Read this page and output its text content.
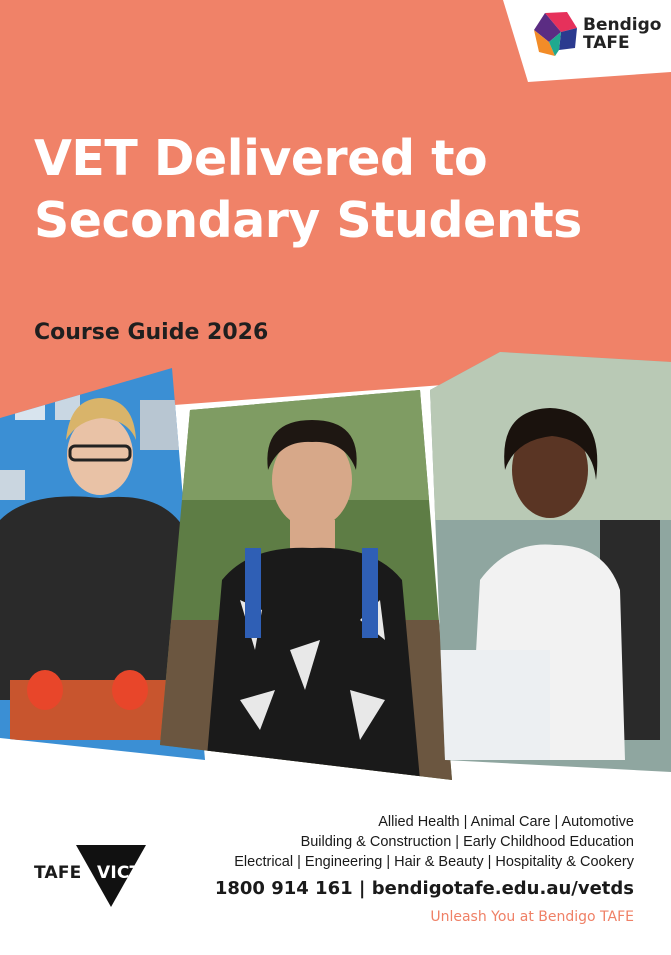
Bendigo
TAFE
VET Delivered to
Secondary Students
Course Guide 2026
TAFE VICTORIA
Allied Health | Animal Care | Automotive
Building & Construction | Early Childhood Education
Electrical | Engineering | Hair & Beauty | Hospitality & Cookery
1800 914 161 | bendigotafe.edu.au/vetds
Unleash You at Bendigo TAFE
